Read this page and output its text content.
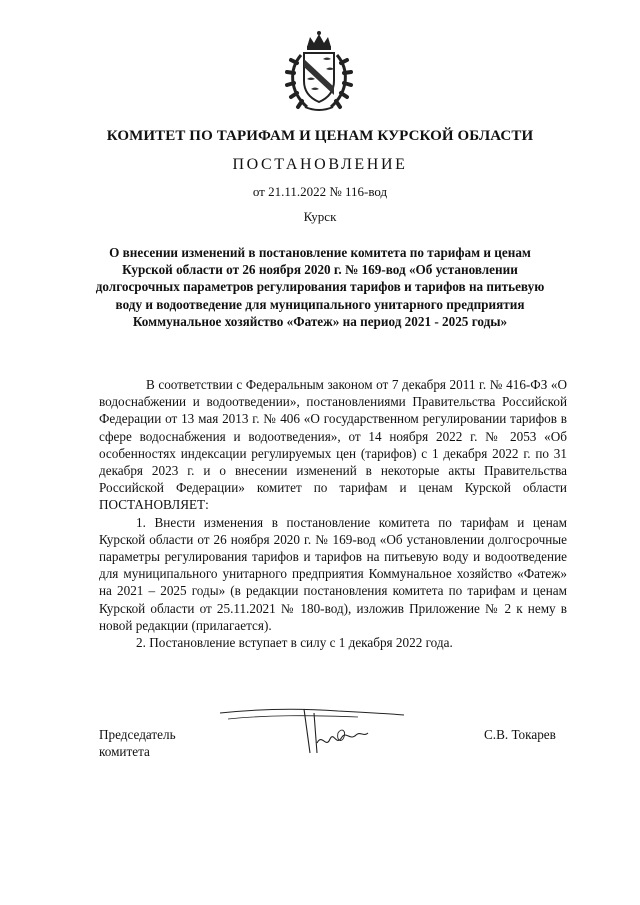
КОМИТЕТ ПО ТАРИФАМ И ЦЕНАМ КУРСКОЙ ОБЛАСТИ
ПОСТАНОВЛЕНИЕ
от 21.11.2022 № 116-вод
Курск

О внесении изменений в постановление комитета по тарифам и ценам Курской области от 26 ноября 2020 г. № 169-вод «Об установлении долгосрочных параметров регулирования тарифов и тарифов на питьевую воду и водоотведение для муниципального унитарного предприятия Коммунальное хозяйство «Фатеж» на период 2021 - 2025 годы»

В соответствии с Федеральным законом от 7 декабря 2011 г. № 416-ФЗ «О водоснабжении и водоотведении», постановлениями Правительства Российской Федерации от 13 мая 2013 г. № 406 «О государственном регулировании тарифов в сфере водоснабжения и водоотведения», от 14 ноября 2022 г. № 2053 «Об особенностях индексации регулируемых цен (тарифов) с 1 декабря 2022 г. по 31 декабря 2023 г. и о внесении изменений в некоторые акты Правительства Российской Федерации» комитет по тарифам и ценам Курской области ПОСТАНОВЛЯЕТ:

1. Внести изменения в постановление комитета по тарифам и ценам Курской области от 26 ноября 2020 г. № 169-вод «Об установлении долгосрочные параметры регулирования тарифов и тарифов на питьевую воду и водоотведение для муниципального унитарного предприятия Коммунальное хозяйство «Фатеж» на 2021 – 2025 годы» (в редакции постановления комитета по тарифам и ценам Курской области от 25.11.2021 № 180-вод), изложив Приложение № 2 к нему в новой редакции (прилагается).

2. Постановление вступает в силу с 1 декабря 2022 года.

Председатель
комитета
С.В. Токарев
